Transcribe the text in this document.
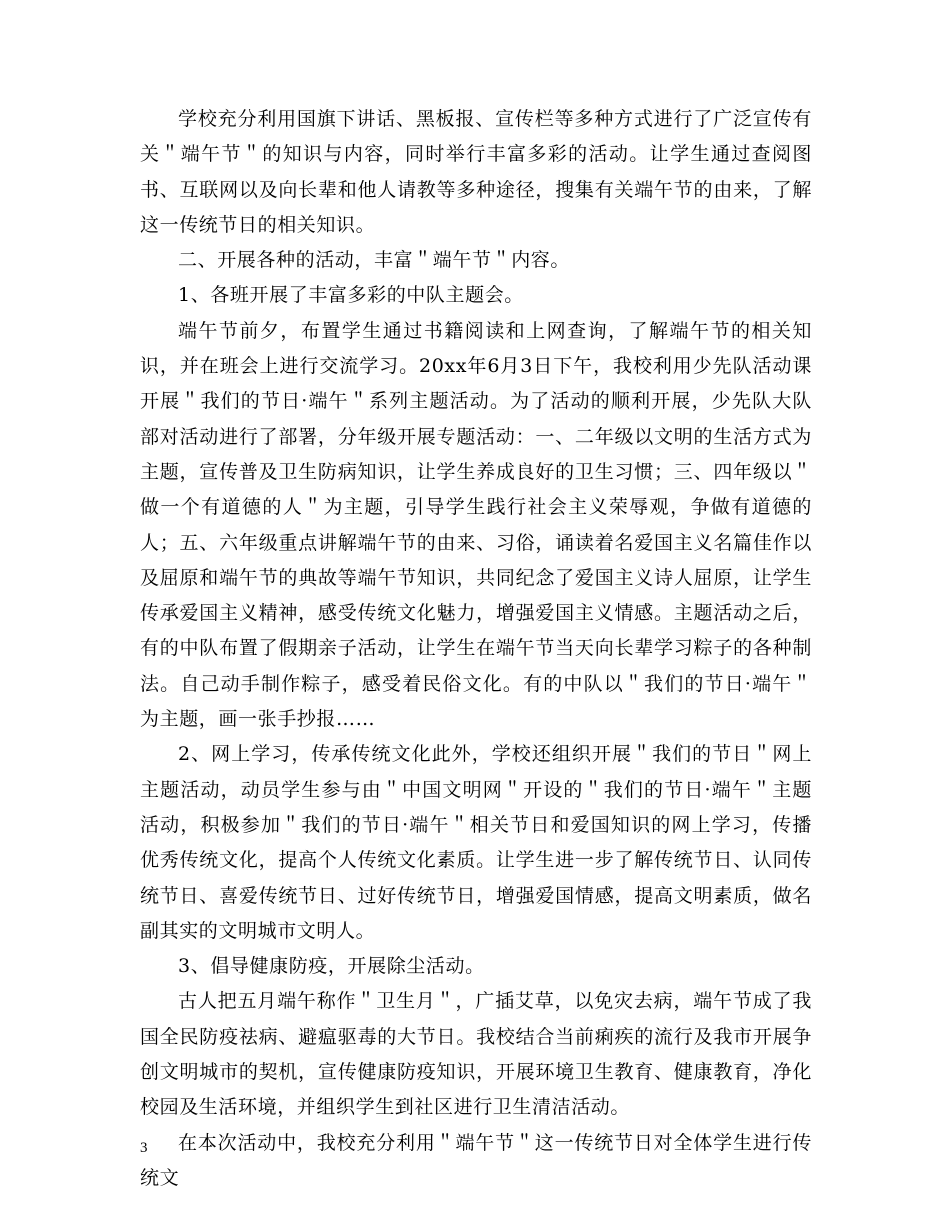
学校充分利用国旗下讲话、黑板报、宣传栏等多种方式进行了广泛宣传有关＂端午节＂的知识与内容，同时举行丰富多彩的活动。让学生通过查阅图书、互联网以及向长辈和他人请教等多种途径，搜集有关端午节的由来，了解这一传统节日的相关知识。

二、开展各种的活动，丰富＂端午节＂内容。

1、各班开展了丰富多彩的中队主题会。

端午节前夕，布置学生通过书籍阅读和上网查询，了解端午节的相关知识，并在班会上进行交流学习。20xx年6月3日下午，我校利用少先队活动课开展＂我们的节日·端午＂系列主题活动。为了活动的顺利开展，少先队大队部对活动进行了部署，分年级开展专题活动：一、二年级以文明的生活方式为主题，宣传普及卫生防病知识，让学生养成良好的卫生习惯；三、四年级以＂做一个有道德的人＂为主题，引导学生践行社会主义荣辱观，争做有道德的人；五、六年级重点讲解端午节的由来、习俗，诵读着名爱国主义名篇佳作以及屈原和端午节的典故等端午节知识，共同纪念了爱国主义诗人屈原，让学生传承爱国主义精神，感受传统文化魅力，增强爱国主义情感。主题活动之后，有的中队布置了假期亲子活动，让学生在端午节当天向长辈学习粽子的各种制法。自己动手制作粽子，感受着民俗文化。有的中队以＂我们的节日·端午＂为主题，画一张手抄报……

2、网上学习，传承传统文化此外，学校还组织开展＂我们的节日＂网上主题活动，动员学生参与由＂中国文明网＂开设的＂我们的节日·端午＂主题活动，积极参加＂我们的节日·端午＂相关节日和爱国知识的网上学习，传播优秀传统文化，提高个人传统文化素质。让学生进一步了解传统节日、认同传统节日、喜爱传统节日、过好传统节日，增强爱国情感，提高文明素质，做名副其实的文明城市文明人。

3、倡导健康防疫，开展除尘活动。

古人把五月端午称作＂卫生月＂，广插艾草，以免灾去病，端午节成了我国全民防疫祛病、避瘟驱毒的大节日。我校结合当前痢疾的流行及我市开展争创文明城市的契机，宣传健康防疫知识，开展环境卫生教育、健康教育，净化校园及生活环境，并组织学生到社区进行卫生清洁活动。

在本次活动中，我校充分利用＂端午节＂这一传统节日对全体学生进行传统文

3
